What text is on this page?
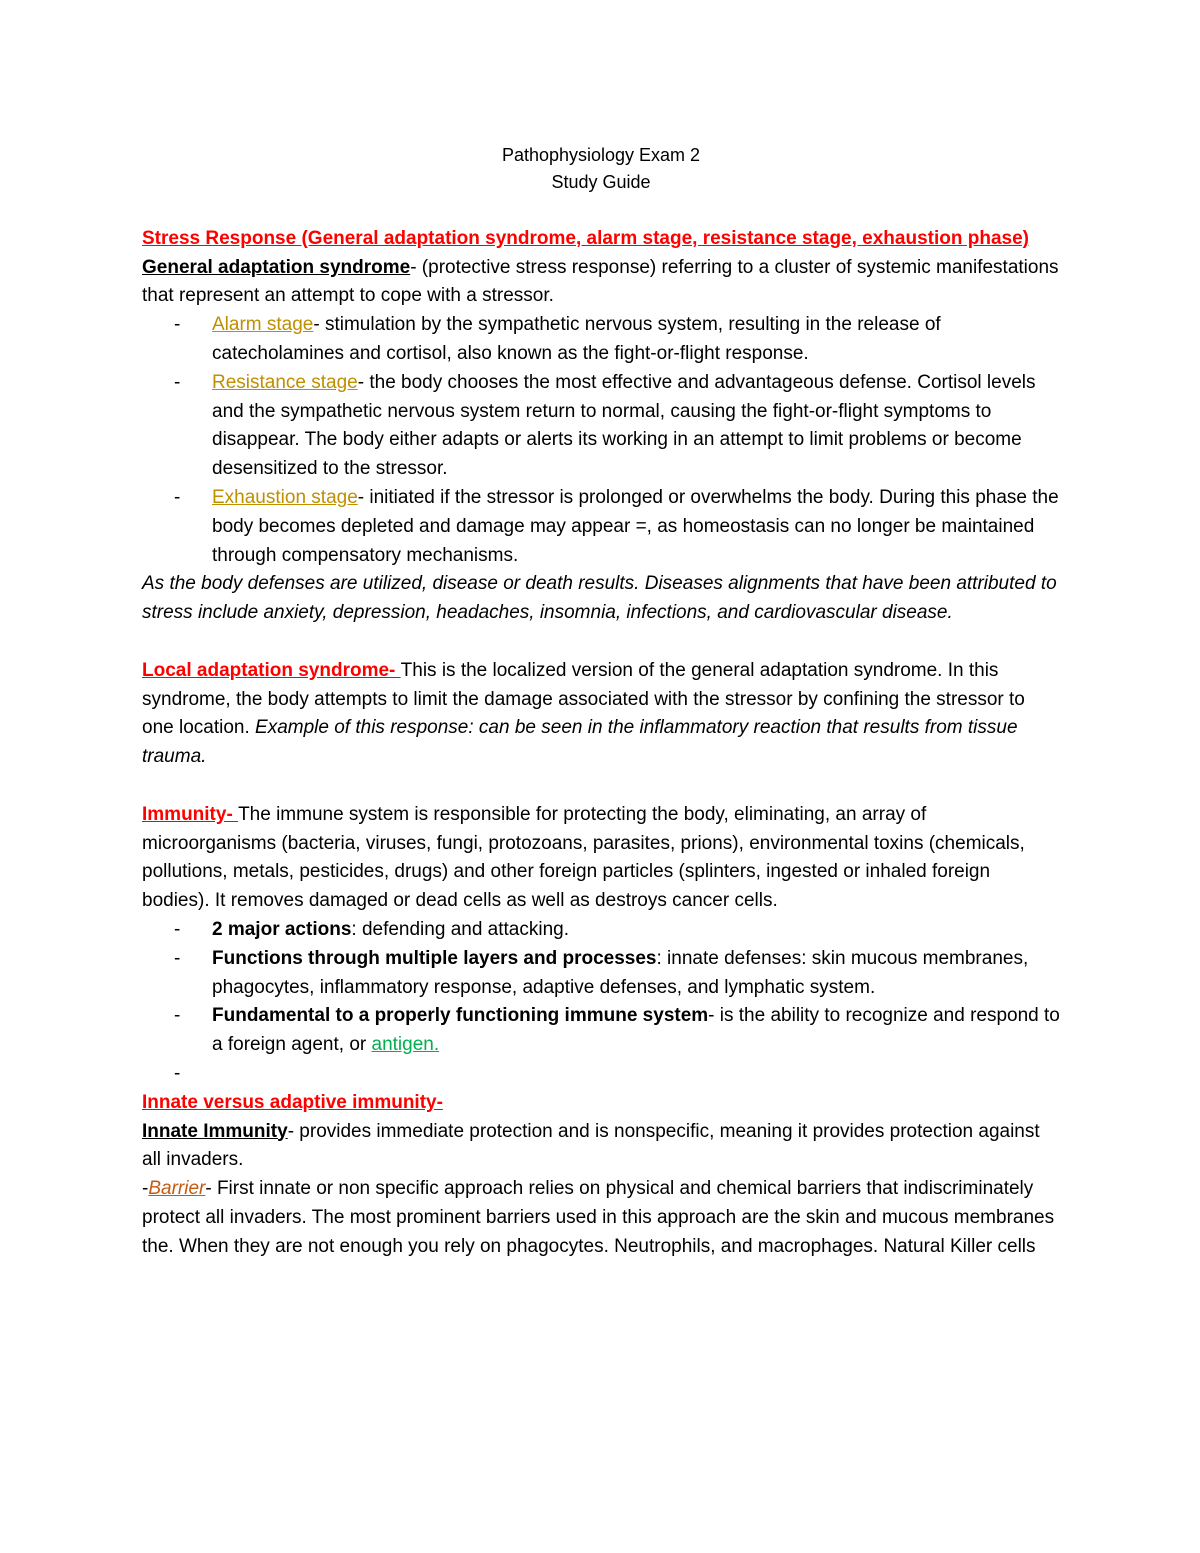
Pathophysiology Exam 2

Study Guide

Stress Response (General adaptation syndrome, alarm stage, resistance stage, exhaustion phase)

General adaptation syndrome- (protective stress response) referring to a cluster of systemic manifestations that represent an attempt to cope with a stressor.

- Alarm stage- stimulation by the sympathetic nervous system, resulting in the release of catecholamines and cortisol, also known as the fight-or-flight response.

- Resistance stage- the body chooses the most effective and advantageous defense. Cortisol levels and the sympathetic nervous system return to normal, causing the fight-or-flight symptoms to disappear. The body either adapts or alerts its working in an attempt to limit problems or become desensitized to the stressor.

- Exhaustion stage- initiated if the stressor is prolonged or overwhelms the body. During this phase the body becomes depleted and damage may appear =, as homeostasis can no longer be maintained through compensatory mechanisms.

As the body defenses are utilized, disease or death results. Diseases alignments that have been attributed to stress include anxiety, depression, headaches, insomnia, infections, and cardiovascular disease.

Local adaptation syndrome- This is the localized version of the general adaptation syndrome. In this syndrome, the body attempts to limit the damage associated with the stressor by confining the stressor to one location. Example of this response: can be seen in the inflammatory reaction that results from tissue trauma.

Immunity- The immune system is responsible for protecting the body, eliminating, an array of microorganisms (bacteria, viruses, fungi, protozoans, parasites, prions), environmental toxins (chemicals, pollutions, metals, pesticides, drugs) and other foreign particles (splinters, ingested or inhaled foreign bodies). It removes damaged or dead cells as well as destroys cancer cells.

- 2 major actions: defending and attacking.

- Functions through multiple layers and processes: innate defenses: skin mucous membranes, phagocytes, inflammatory response, adaptive defenses, and lymphatic system.

- Fundamental to a properly functioning immune system- is the ability to recognize and respond to a foreign agent, or antigen.

-

Innate versus adaptive immunity-

Innate Immunity- provides immediate protection and is nonspecific, meaning it provides protection against all invaders.

-Barrier- First innate or non specific approach relies on physical and chemical barriers that indiscriminately protect all invaders. The most prominent barriers used in this approach are the skin and mucous membranes the. When they are not enough you rely on phagocytes. Neutrophils, and macrophages. Natural Killer cells
